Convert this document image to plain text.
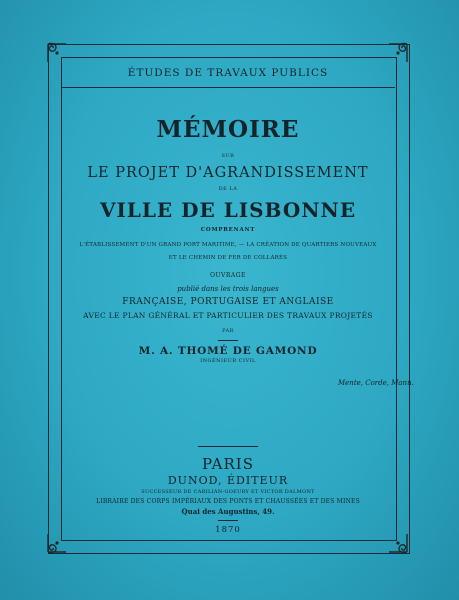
ÉTUDES DE TRAVAUX PUBLICS

MÉMOIRE

SUR

LE PROJET D'AGRANDISSEMENT

DE LA

VILLE DE LISBONNE

COMPRENANT

L'ÉTABLISSEMENT D'UN GRAND PORT MARITIME, — LA CRÉATION DE QUARTIERS NOUVEAUX

ET LE CHEMIN DE FER DE COLLARÈS

OUVRAGE

publié dans les trois langues

FRANÇAISE, PORTUGAISE ET ANGLAISE

AVEC LE PLAN GÉNÉRAL ET PARTICULIER DES TRAVAUX PROJETÉS

PAR

M. A. THOMÉ DE GAMOND

INGÉNIEUR CIVIL

Mente, Corde, Manu.

PARIS

DUNOD, ÉDITEUR

SUCCESSEUR DE CARILIAN-GOEURY ET VICTOR DALMONT

LIBRAIRE DES CORPS IMPÉRIAUX DES PONTS ET CHAUSSÉES ET DES MINES

Quai des Augustins, 49.

1870
